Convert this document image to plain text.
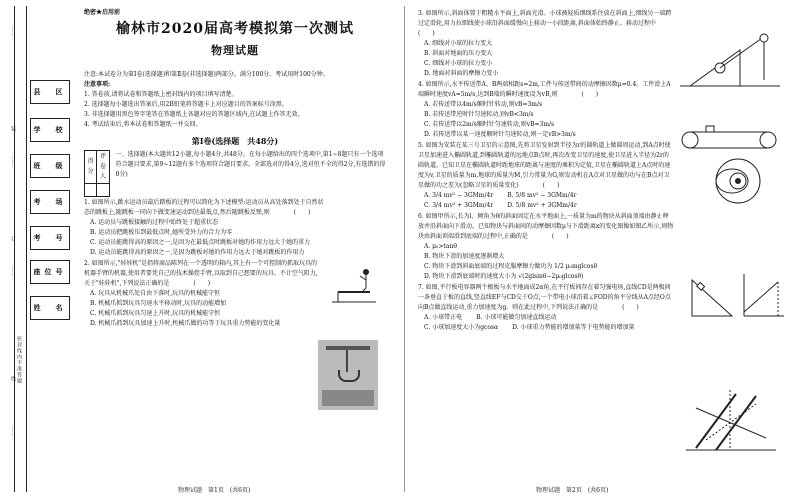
密封线内不准答题
……
装
……
订
……
线
……
县　区
学　校
班　级
考　场
考　号
座位号
姓　名

绝密★启用前

榆林市2020届高考模拟第一次测试

物理试题

注意:本试卷分为第Ⅰ卷(选择题)和第Ⅱ卷(非选择题)两部分。满分100分。考试用时100分钟。

注意事项:

1. 答卷前,请将试卷和答题纸上密封线内的项目填写清楚。

2. 选择题每小题选出答案后,用2B铅笔将答题卡上对应题目的答案标号涂黑。

3. 非选择题用黑色签字笔答在答题纸上各题对应的答题区域内,在试题上作答无效。

4. 考试结束后,将本试卷和答题纸一并交回。

第Ⅰ卷(选择题　共48分)

得分	评卷人

一、选择题(本大题共12小题,每小题4分,共48分。在每小题给出的四个选项中,第1~8题只有一个选项符合题目要求,第9~12题有多个选项符合题目要求。全部选对的得4分,选对但不全的得2分,有选错的得0分)

1. 如图所示,跳水运动员最后踏板的过程可以简化为下述模型:运动员从高处落到处于自然状态的跳板上,随跳板一同向下做变速运动到达最低点,然后随跳板反弹,则　　　　(　　)

A. 运动员与跳板接触的过程中始终处于超重状态

B. 运动员把跳板压到最低点时,她所受外力的合力为零

C. 运动员能跳得高的原因之一,是因为在最低点时跳板对她的作用力远大于她的重力

D. 运动员能跳得高的原因之一,是因为跳板对她的作用力远大于她对跳板的作用力

2. 如图所示,"娃娃机"是指将商品陈列在一个透明的箱内,其上有一个可控制的抓取玩具的机器手臂的机器,使用者要凭自己的技术操控手臂,以取到自己想要的玩具。不计空气阻力,关于"娃娃机",下列说法正确的是　　　　(　　)

A. 玩具从机械爪处自由下落时,玩具的机械能守恒

B. 机械爪抓到玩具匀速水平移动时,玩具的动能增加

C. 机械爪抓到玩具匀速上升时,玩具的机械能守恒

D. 机械爪抓到玩具加速上升时,机械爪做的功等于玩具重力势能的变化量

物理试题　第1页　(共6页)

3. 如图所示,斜面体置于粗糙水平面上,斜面光滑。小球被轻质细线系住放在斜面上,细线另一端跨过定滑轮,用力拉细线使小球沿斜面缓慢向上移动一小段距离,斜面体始终静止。移动过程中　　　　(　　)

A. 细线对小球的拉力变大

B. 斜面对地面的压力变大

C. 细线对小球的拉力变小

D. 地面对斜面的摩擦力变小

4. 如图所示,水平传送带A、B两端相距s=2m,工件与传送带间的动摩擦因数μ=0.4。工件滑上A端瞬时速度vA=5m/s,达到B端的瞬时速度设为vB,则　　　　(　　)

A. 若传送带以4m/s顺时针转动,则vB=3m/s

B. 若传送带逆时针匀速转动,则vB<3m/s

C. 若传送带以2m/s顺时针匀速转动,则vB=3m/s

D. 若传送带以某一速度顺时针匀速转动,则一定vB>3m/s

5. 如图为安装在某三号卫星的示意图,先将卫星发射到半径为r的圆轨道上做圆周运动,到A点时使卫星加速进入椭圆轨道,到椭圆轨道的远地点B点时,再次改变卫星的速度,使卫星进入半径为2r的圆轨道。已知卫星在椭圆轨道时距地球的距离与速度的乘积为定值,卫星在椭圆轨道上A点时的速度为v,卫星的质量为m,地球的质量为M,引力常量为G,则发动机在A点对卫星做的功与在B点对卫星做的功之差为(忽略卫星的质量变化)　　　　(　　)

A. 3/4 mv² − 3GMm/4r B. 5/8 mv² − 3GMm/4r
C. 3/4 mv² + 3GMm/4r D. 5/8 mv² + 3GMm/4r

6. 如图甲所示,长为l、倾角为θ的斜面固定在水平地面上,一质量为m的物块从斜面顶端由静止释放并沿斜面向下滑动。已知物块与斜面间的动摩擦因数μ与下滑距离x的变化图像如图乙所示,则物块由斜面顶端滑到底端的过程中,正确的是　　　　(　　)

A. μ₀>tanθ

B. 物块下滑的加速度逐渐增大

C. 物块下滑到斜面底端的过程克服摩擦力做功为 1/2 μ₀mglcosθ

D. 物块下滑到底端时的速度大小为 √(2glsinθ−2μ₀glcosθ)

7. 如图,平行板电容器两个极板与水平地面成2α角,在平行板间存在着匀强电场,直线CD是两极间一条垂直于板的直线,竖直线EF与CD交于O点,一个带电小球沿着∠FOD的角平分线从A点经O点向B点做直线运动,重力加速度为g。则在此过程中,下列说法正确的是　　　　(　　)

A. 小球带正电 B. 小球可能做匀加速直线运动
C. 小球加速度大小为gcosα D. 小球重力势能的增加量等于电势能的增加量
物理试题　第2页　(共6页)
